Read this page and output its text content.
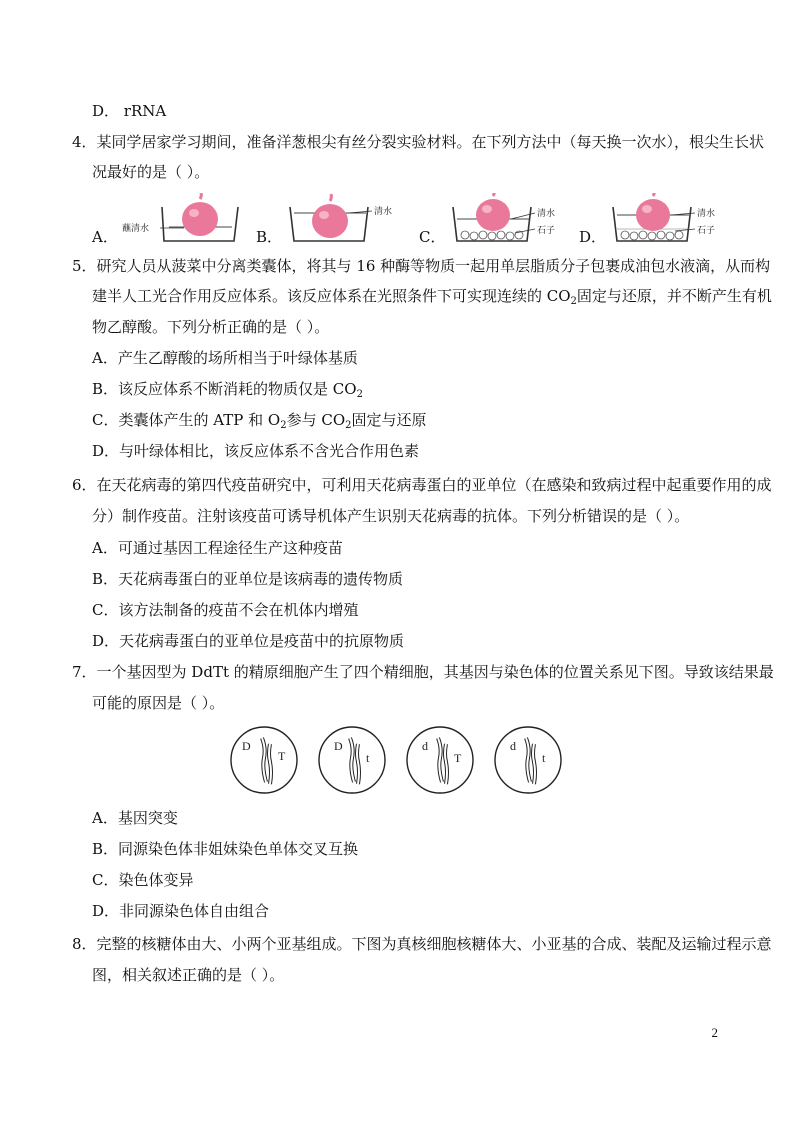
D． rRNA
4．某同学居家学习期间，准备洋葱根尖有丝分裂实验材料。在下列方法中（每天换一次水），根尖生长状
况最好的是（ ）。
A． 蘸清水	B．
清水
C．
清水
石子 D．
清水
石子
5．研究人员从菠菜中分离类囊体，将其与 16 种酶等物质一起用单层脂质分子包裹成油包水液滴，从而构
建半人工光合作用反应体系。该反应体系在光照条件下可实现连续的 $CO_2$固定与还原，并不断产生有机
物乙醇酸。下列分析正确的是（ ）。
A．产生乙醇酸的场所相当于叶绿体基质
B．该反应体系不断消耗的物质仅是 $CO_2$
C．类囊体产生的 ATP 和 $O_2$参与 $CO_2$固定与还原
D．与叶绿体相比，该反应体系不含光合作用色素
6．在天花病毒的第四代疫苗研究中，可利用天花病毒蛋白的亚单位（在感染和致病过程中起重要作用的成
分）制作疫苗。注射该疫苗可诱导机体产生识别天花病毒的抗体。下列分析错误的是（ ）。
A．可通过基因工程途径生产这种疫苗
B．天花病毒蛋白的亚单位是该病毒的遗传物质
C．该方法制备的疫苗不会在机体内增殖
D．天花病毒蛋白的亚单位是疫苗中的抗原物质
7．一个基因型为 DdTt 的精原细胞产生了四个精细胞，其基因与染色体的位置关系见下图。导致该结果最
可能的原因是（ ）。
D
T
D
t
d
T
d
t
A．基因突变
B．同源染色体非姐妹染色单体交叉互换
C．染色体变异
D．非同源染色体自由组合
8．完整的核糖体由大、小两个亚基组成。下图为真核细胞核糖体大、小亚基的合成、装配及运输过程示意
图，相关叙述正确的是（ ）。
2
